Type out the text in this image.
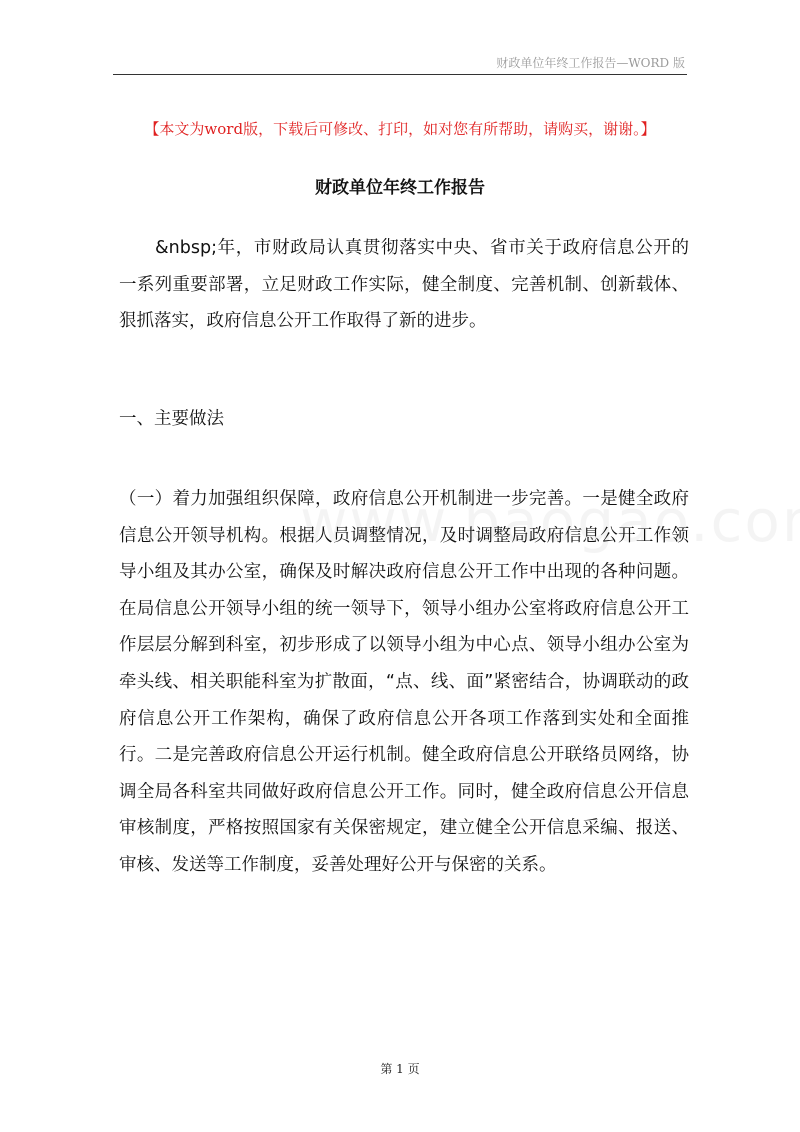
财政单位年终工作报告—WORD 版
【本文为word版，下载后可修改、打印，如对您有所帮助，请购买，谢谢。】
财政单位年终工作报告

&nbsp;年，市财政局认真贯彻落实中央、省市关于政府信息公开的一系列重要部署，立足财政工作实际，健全制度、完善机制、创新载体、狠抓落实，政府信息公开工作取得了新的进步。

一、主要做法

（一）着力加强组织保障，政府信息公开机制进一步完善。一是健全政府信息公开领导机构。根据人员调整情况，及时调整局政府信息公开工作领导小组及其办公室，确保及时解决政府信息公开工作中出现的各种问题。在局信息公开领导小组的统一领导下，领导小组办公室将政府信息公开工作层层分解到科室，初步形成了以领导小组为中心点、领导小组办公室为牵头线、相关职能科室为扩散面，“点、线、面”紧密结合，协调联动的政府信息公开工作架构，确保了政府信息公开各项工作落到实处和全面推行。二是完善政府信息公开运行机制。健全政府信息公开联络员网络，协调全局各科室共同做好政府信息公开工作。同时，健全政府信息公开信息审核制度，严格按照国家有关保密规定，建立健全公开信息采编、报送、审核、发送等工作制度，妥善处理好公开与保密的关系。

第 1 页
